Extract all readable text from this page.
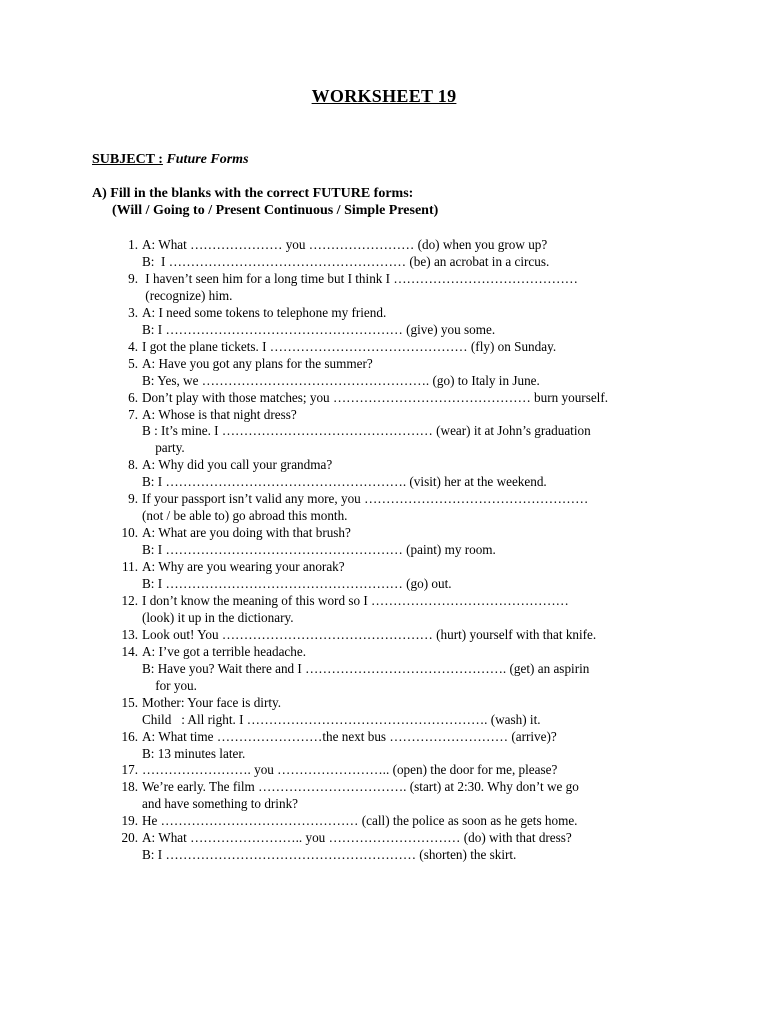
WORKSHEET 19
SUBJECT : Future Forms
A) Fill in the blanks with the correct FUTURE forms:
(Will / Going to / Present Continuous / Simple Present)
1. A: What ………………… you …………………… (do) when you grow up?
B:  I ……………………………………………… (be) an acrobat in a circus.
9. I haven’t seen him for a long time but I think I ……………………………………
(recognize) him.
3. A: I need some tokens to telephone my friend.
B: I ……………………………………………… (give) you some.
4. I got the plane tickets. I ……………………………………… (fly) on Sunday.
5. A: Have you got any plans for the summer?
B: Yes, we ……………………………………………. (go) to Italy in June.
6. Don’t play with those matches; you ……………………………………… burn yourself.
7. A: Whose is that night dress?
B : It’s mine. I ………………………………………… (wear) it at John’s graduation
party.
8. A: Why did you call your grandma?
B: I ………………………………………………. (visit) her at the weekend.
9. If your passport isn’t valid any more, you ……………………………………………
(not / be able to) go abroad this month.
10. A: What are you doing with that brush?
B: I ……………………………………………… (paint) my room.
11. A: Why are you wearing your anorak?
B: I ……………………………………………… (go) out.
12. I don’t know the meaning of this word so I ………………………………………
(look) it up in the dictionary.
13. Look out! You ………………………………………… (hurt) yourself with that knife.
14. A: I’ve got a terrible headache.
B: Have you? Wait there and I ………………………………………. (get) an aspirin
for you.
15. Mother: Your face is dirty.
Child   : All right. I ………………………………………………. (wash) it.
16. A: What time ……………………the next bus ……………………… (arrive)?
B: 13 minutes later.
17. ……………………. you …………………….. (open) the door for me, please?
18. We’re early. The film ……………………………. (start) at 2:30. Why don’t we go
and have something to drink?
19. He ……………………………………… (call) the police as soon as he gets home.
20. A: What …………………….. you ………………………… (do) with that dress?
B: I ………………………………………………… (shorten) the skirt.
